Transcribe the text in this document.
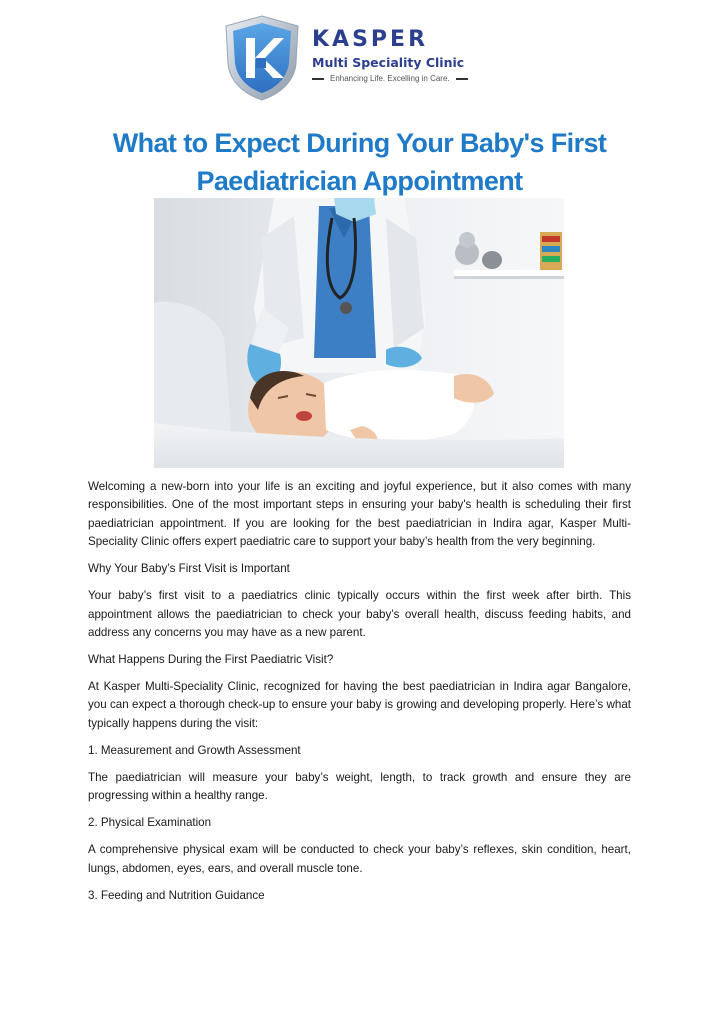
KASPER
Multi Speciality Clinic
Enhancing Life. Excelling in Care.
What to Expect During Your Baby's First Paediatrician Appointment

Welcoming a new-born into your life is an exciting and joyful experience, but it also comes with many responsibilities. One of the most important steps in ensuring your baby's health is scheduling their first paediatrician appointment. If you are looking for the best paediatrician in Indira agar, Kasper Multi-Speciality Clinic offers expert paediatric care to support your baby’s health from the very beginning.

Why Your Baby’s First Visit is Important

Your baby’s first visit to a paediatrics clinic typically occurs within the first week after birth. This appointment allows the paediatrician to check your baby’s overall health, discuss feeding habits, and address any concerns you may have as a new parent.

What Happens During the First Paediatric Visit?

At Kasper Multi-Speciality Clinic, recognized for having the best paediatrician in Indira agar Bangalore, you can expect a thorough check-up to ensure your baby is growing and developing properly. Here’s what typically happens during the visit:

1. Measurement and Growth Assessment

The paediatrician will measure your baby’s weight, length, to track growth and ensure they are progressing within a healthy range.

2. Physical Examination

A comprehensive physical exam will be conducted to check your baby’s reflexes, skin condition, heart, lungs, abdomen, eyes, ears, and overall muscle tone.

3. Feeding and Nutrition Guidance
